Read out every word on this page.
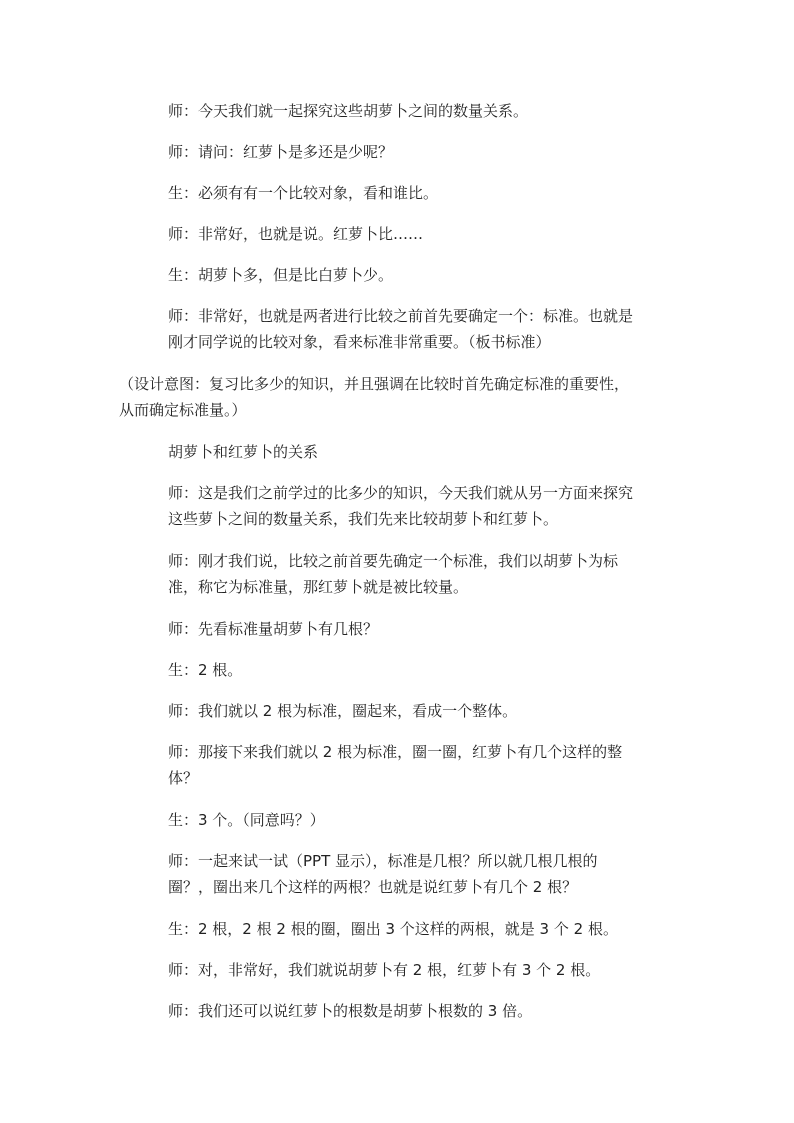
师：今天我们就一起探究这些胡萝卜之间的数量关系。
师：请问：红萝卜是多还是少呢？
生：必须有有一个比较对象，看和谁比。
师：非常好，也就是说。红萝卜比……
生：胡萝卜多，但是比白萝卜少。
师：非常好，也就是两者进行比较之前首先要确定一个：标准。也就是
刚才同学说的比较对象，看来标准非常重要。（板书标准）
（设计意图：复习比多少的知识，并且强调在比较时首先确定标准的重要性，
从而确定标准量。）
胡萝卜和红萝卜的关系
师：这是我们之前学过的比多少的知识，今天我们就从另一方面来探究
这些萝卜之间的数量关系，我们先来比较胡萝卜和红萝卜。
师：刚才我们说，比较之前首要先确定一个标准，我们以胡萝卜为标
准，称它为标准量，那红萝卜就是被比较量。
师：先看标准量胡萝卜有几根？
生：2 根。
师：我们就以 2 根为标准，圈起来，看成一个整体。
师：那接下来我们就以 2 根为标准，圈一圈，红萝卜有几个这样的整
体？
生：3 个。（同意吗？）
师：一起来试一试（PPT 显示），标准是几根？所以就几根几根的
圈？，圈出来几个这样的两根？也就是说红萝卜有几个 2 根？
生：2 根，2 根 2 根的圈，圈出 3 个这样的两根，就是 3 个 2 根。
师：对，非常好，我们就说胡萝卜有 2 根，红萝卜有 3 个 2 根。
师：我们还可以说红萝卜的根数是胡萝卜根数的 3 倍。
